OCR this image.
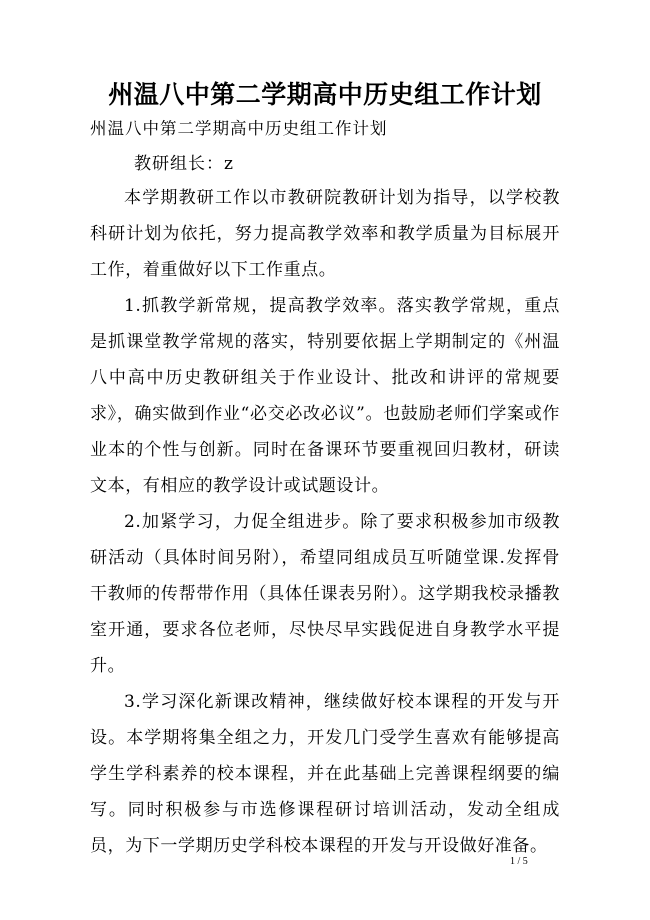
州温八中第二学期高中历史组工作计划
州温八中第二学期高中历史组工作计划
教研组长：z

本学期教研工作以市教研院教研计划为指导，以学校教科研计划为依托，努力提高教学效率和教学质量为目标展开工作，着重做好以下工作重点。

1.抓教学新常规，提高教学效率。落实教学常规，重点是抓课堂教学常规的落实，特别要依据上学期制定的《州温八中高中历史教研组关于作业设计、批改和讲评的常规要求》，确实做到作业“必交必改必议”。也鼓励老师们学案或作业本的个性与创新。同时在备课环节要重视回归教材，研读文本，有相应的教学设计或试题设计。

2.加紧学习，力促全组进步。除了要求积极参加市级教研活动（具体时间另附），希望同组成员互听随堂课.发挥骨干教师的传帮带作用（具体任课表另附）。这学期我校录播教室开通，要求各位老师，尽快尽早实践促进自身教学水平提升。

3.学习深化新课改精神，继续做好校本课程的开发与开设。本学期将集全组之力，开发几门受学生喜欢有能够提高学生学科素养的校本课程，并在此基础上完善课程纲要的编写。同时积极参与市选修课程研讨培训活动，发动全组成员，为下一学期历史学科校本课程的开发与开设做好准备。

1 / 5
